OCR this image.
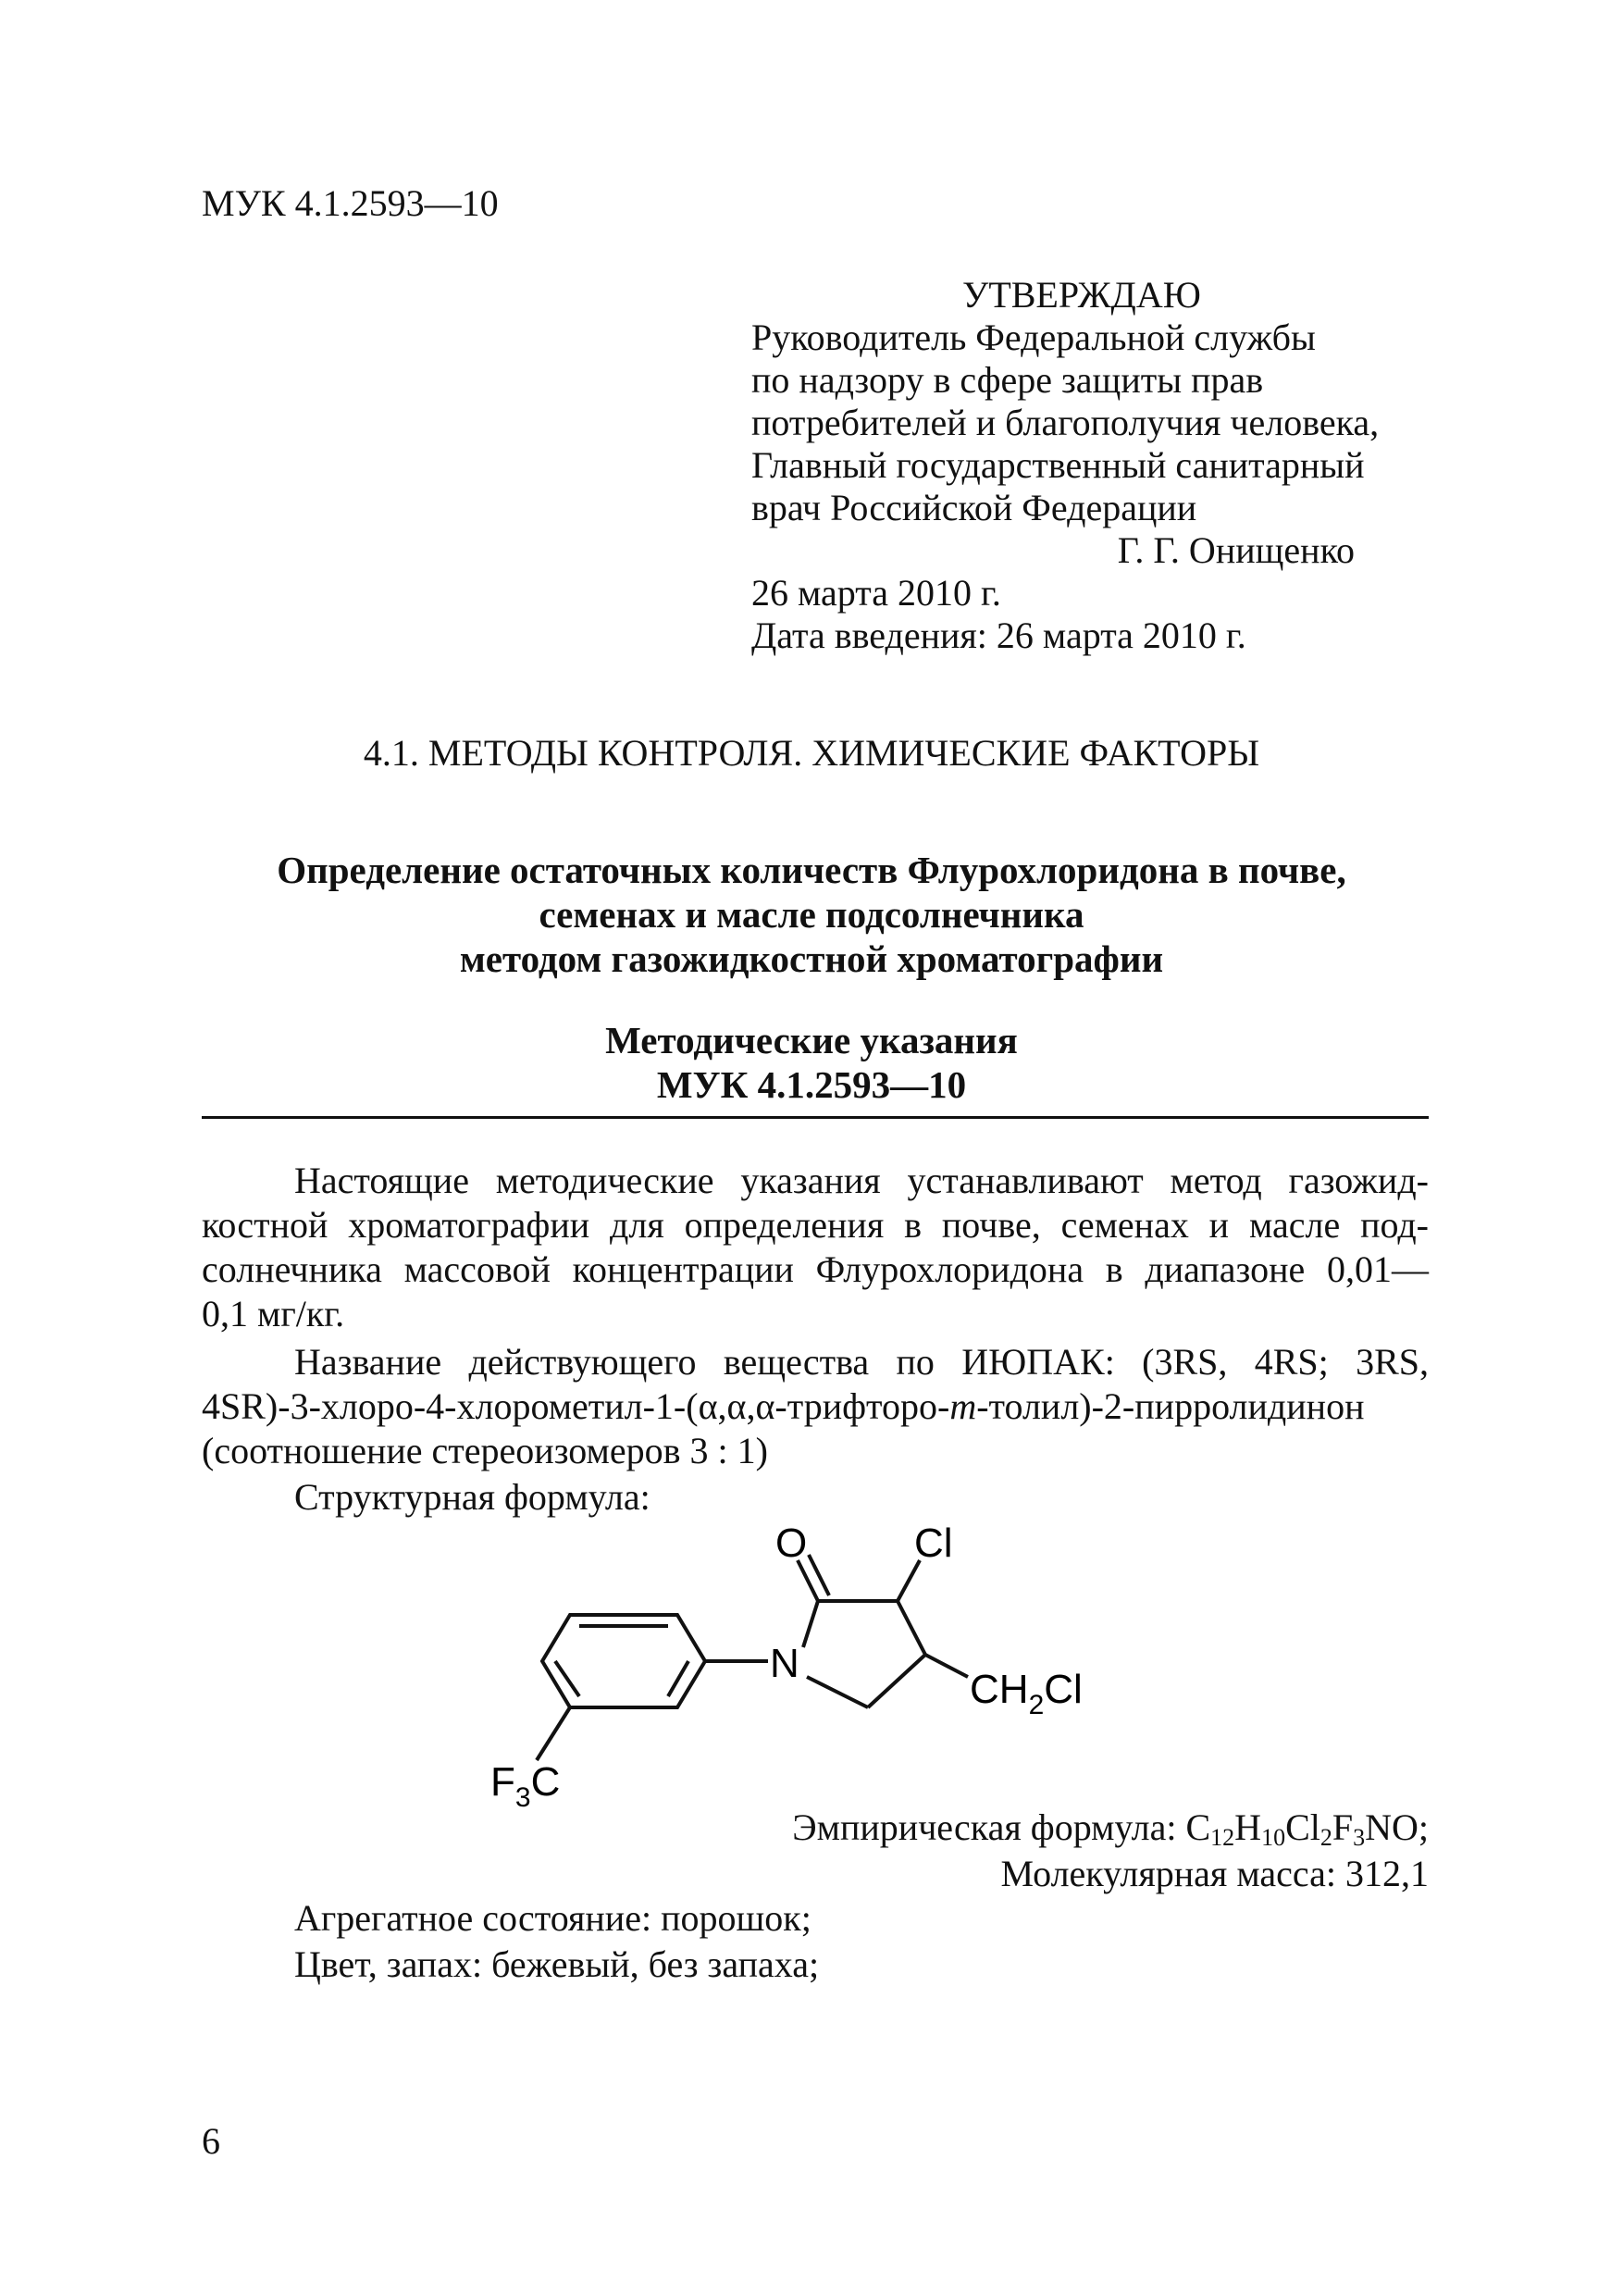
МУК 4.1.2593—10
УТВЕРЖДАЮ
Руководитель Федеральной службы
по надзору в сфере защиты прав
потребителей и благополучия человека,
Главный государственный санитарный
врач Российской Федерации
Г. Г. Онищенко
26 марта 2010 г.
Дата введения: 26 марта 2010 г.
4.1. МЕТОДЫ КОНТРОЛЯ. ХИМИЧЕСКИЕ ФАКТОРЫ
Определение остаточных количеств Флурохлоридона в почве,
семенах и масле подсолнечника
методом газожидкостной хроматографии
Методические указания
МУК 4.1.2593—10
Настоящие методические указания устанавливают метод газожид-
костной хроматографии для определения в почве, семенах и масле под-
солнечника массовой концентрации Флурохлоридона в диапазоне 0,01—
0,1 мг/кг.
Название действующего вещества по ИЮПАК: (3RS, 4RS; 3RS,
4SR)-3-хлоро-4-хлорометил-1-(α,α,α-трифторо-m-толил)-2-пирролидинон
(соотношение стереоизомеров 3 : 1)
Структурная формула:
O	Cl
N
$CH_2Cl$
$F_3C$
Эмпирическая формула: $C_{12}H_{10}Cl_2F_3NO$;
Молекулярная масса: 312,1
Агрегатное состояние: порошок;
Цвет, запах: бежевый, без запаха;
6
